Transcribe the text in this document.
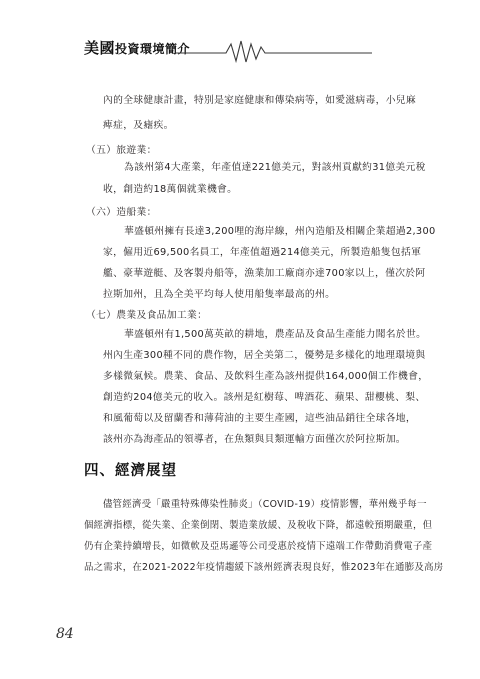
美國投資環境簡介
內的全球健康計畫，特別是家庭健康和傳染病等，如愛滋病毒，小兒麻
痺症，及瘧疾。
（五）旅遊業：
為該州第4大產業，年產值達221億美元，對該州貢獻約31億美元稅
收，創造約18萬個就業機會。
（六）造船業：
華盛頓州擁有長達3,200哩的海岸線，州內造船及相關企業超過2,300
家，僱用近69,500名員工，年產值超過214億美元，所製造船隻包括軍
艦、豪華遊艇、及客製舟船等，漁業加工廠商亦達700家以上，僅次於阿
拉斯加州，且為全美平均每人使用船隻率最高的州。
（七）農業及食品加工業：
華盛頓州有1,500萬英畝的耕地，農產品及食品生產能力聞名於世。
州內生產300種不同的農作物，居全美第二，優勢是多樣化的地理環境與
多樣微氣候。農業、食品、及飲料生產為該州提供164,000個工作機會，
創造約204億美元的收入。該州是紅樹莓、啤酒花、蘋果、甜櫻桃、梨、
和風葡萄以及留蘭香和薄荷油的主要生產國，這些油品銷往全球各地，
該州亦為海產品的領導者，在魚類與貝類運輸方面僅次於阿拉斯加。
四、經濟展望
儘管經濟受「嚴重特殊傳染性肺炎」（COVID-19）疫情影響，華州幾乎每一
個經濟指標，從失業、企業倒閉、製造業放緩、及稅收下降，都遠較預期嚴重，但
仍有企業持續增長，如微軟及亞馬遜等公司受惠於疫情下遠端工作帶動消費電子產
品之需求，在2021-2022年疫情趨緩下該州經濟表現良好，惟2023年在通膨及高房
84
